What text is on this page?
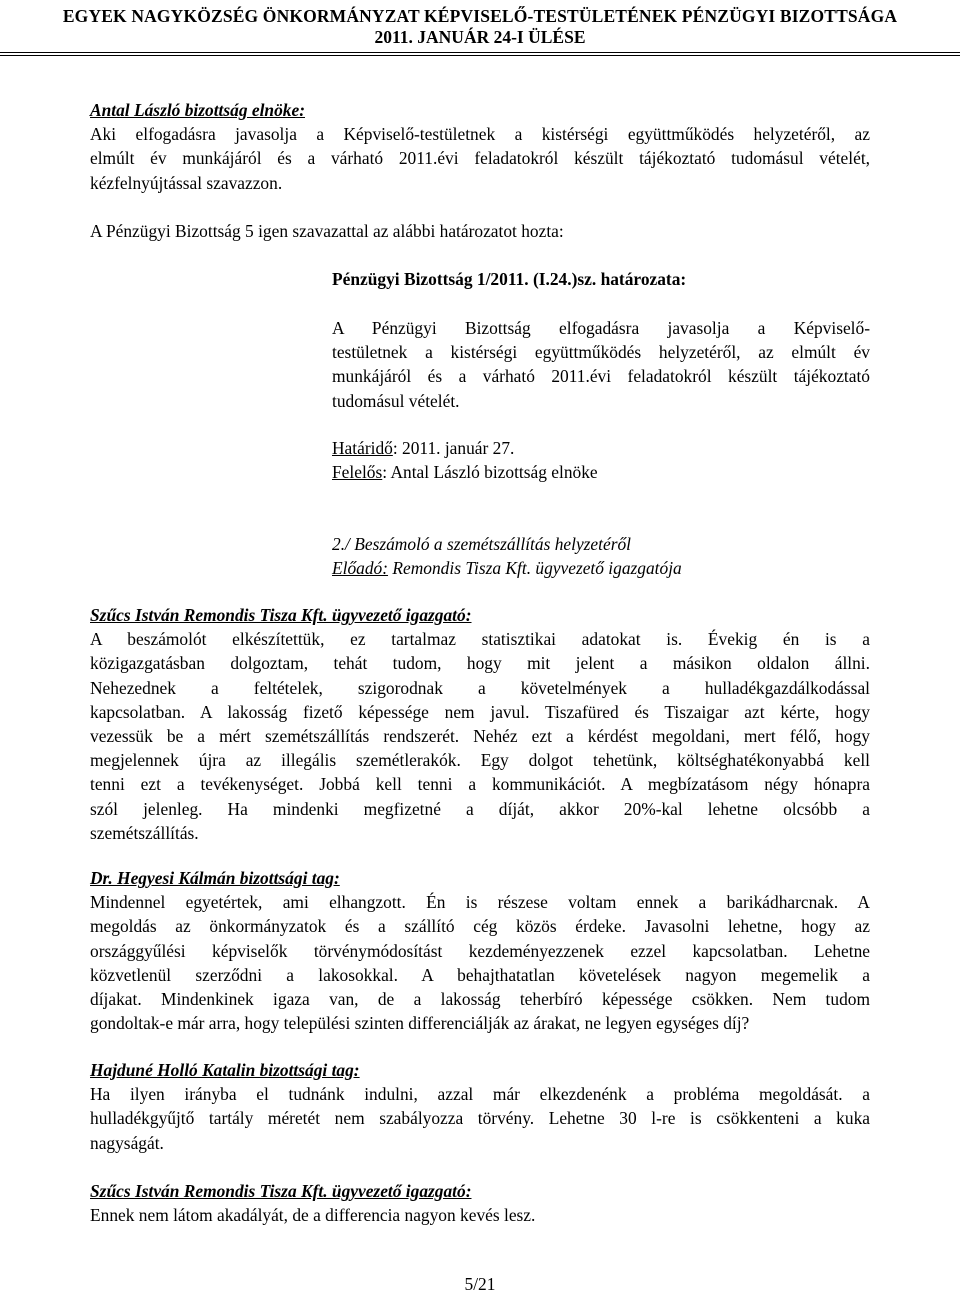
EGYEK NAGYKÖZSÉG ÖNKORMÁNYZAT KÉPVISELŐ-TESTÜLETÉNEK PÉNZÜGYI BIZOTTSÁGA
2011. JANUÁR 24-I ÜLÉSE
Antal László bizottság elnöke:
Aki elfogadásra javasolja a Képviselő-testületnek a kistérségi együttműködés helyzetéről, az
elmúlt év munkájáról és a várható 2011.évi feladatokról készült tájékoztató tudomásul vételét,
kézfelnyújtással szavazzon.
A Pénzügyi Bizottság 5 igen szavazattal az alábbi határozatot hozta:
Pénzügyi Bizottság 1/2011. (I.24.)sz. határozata:
A Pénzügyi Bizottság elfogadásra javasolja a Képviselő-
testületnek a kistérségi együttműködés helyzetéről, az elmúlt év
munkájáról és a várható 2011.évi feladatokról készült tájékoztató
tudomásul vételét.
Határidő: 2011. január 27.
Felelős: Antal László bizottság elnöke
2./ Beszámoló a szemétszállítás helyzetéről
Előadó: Remondis Tisza Kft. ügyvezető igazgatója
Szűcs István Remondis Tisza Kft. ügyvezető igazgató:
A beszámolót elkészítettük, ez tartalmaz statisztikai adatokat is. Évekig én is a
közigazgatásban dolgoztam, tehát tudom, hogy mit jelent a másikon oldalon állni.
Nehezednek a feltételek, szigorodnak a követelmények a hulladékgazdálkodással
kapcsolatban. A lakosság fizető képessége nem javul. Tiszafüred és Tiszaigar azt kérte, hogy
vezessük be a mért szemétszállítás rendszerét. Nehéz ezt a kérdést megoldani, mert félő, hogy
megjelennek újra az illegális szemétlerakók. Egy dolgot tehetünk, költséghatékonyabbá kell
tenni ezt a tevékenységet. Jobbá kell tenni a kommunikációt. A megbízatásom négy hónapra
szól jelenleg. Ha mindenki megfizetné a díját, akkor 20%-kal lehetne olcsóbb a
szemétszállítás.
Dr. Hegyesi Kálmán bizottsági tag:
Mindennel egyetértek, ami elhangzott. Én is részese voltam ennek a barikádharcnak. A
megoldás az önkormányzatok és a szállító cég közös érdeke. Javasolni lehetne, hogy az
országgyűlési képviselők törvénymódosítást kezdeményezzenek ezzel kapcsolatban. Lehetne
közvetlenül szerződni a lakosokkal. A behajthatatlan követelések nagyon megemelik a
díjakat. Mindenkinek igaza van, de a lakosság teherbíró képessége csökken. Nem tudom
gondoltak-e már arra, hogy települési szinten differenciálják az árakat, ne legyen egységes díj?
Hajduné Holló Katalin bizottsági tag:
Ha ilyen irányba el tudnánk indulni, azzal már elkezdenénk a probléma megoldását. a
hulladékgyűjtő tartály méretét nem szabályozza törvény. Lehetne 30 l-re is csökkenteni a kuka
nagyságát.
Szűcs István Remondis Tisza Kft. ügyvezető igazgató:
Ennek nem látom akadályát, de a differencia nagyon kevés lesz.
5/21
